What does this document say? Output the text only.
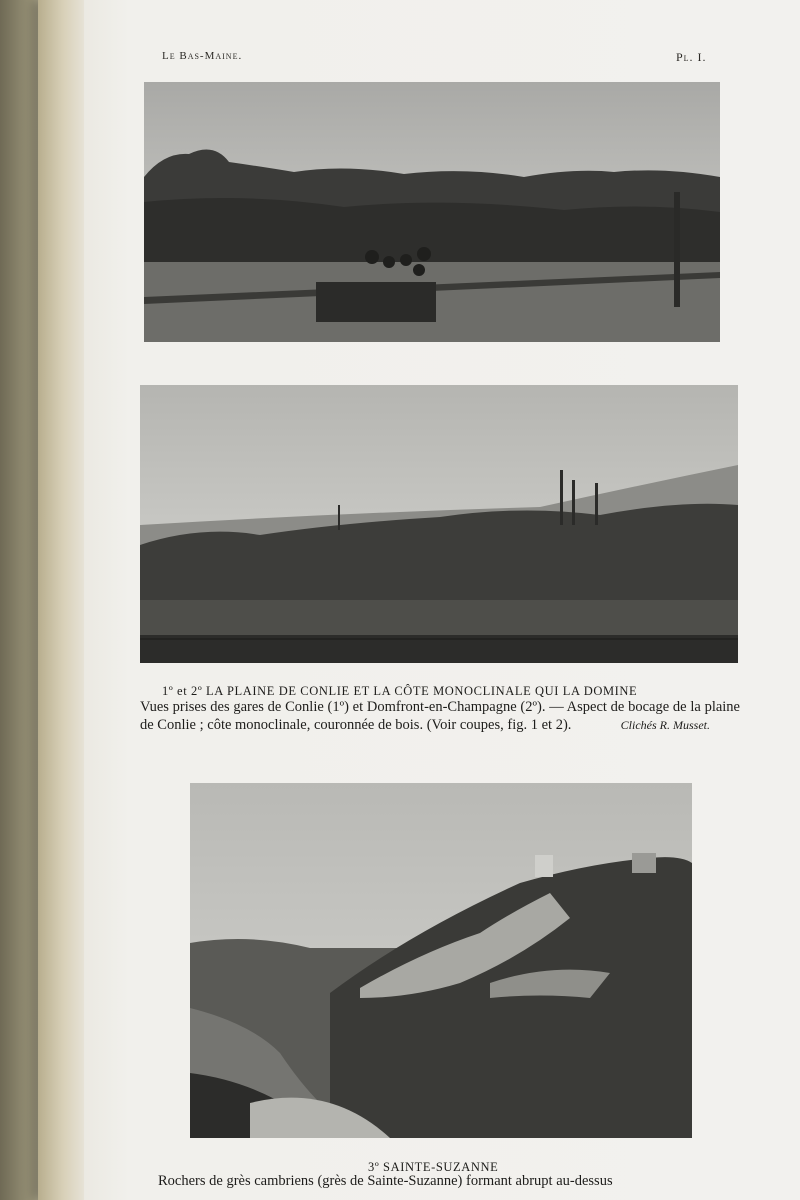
Le Bas-Maine.	Pl. I.
1º et 2º LA PLAINE DE CONLIE ET LA CÔTE MONOCLINALE QUI LA DOMINE
Vues prises des gares de Conlie (1º) et Domfront-en-Champagne (2º). — Aspect de bocage de la plaine de Conlie ; côte monoclinale, couronnée de bois. (Voir coupes, fig. 1 et 2).	Clichés R. Musset.
3º SAINTE-SUZANNE
Rochers de grès cambriens (grès de Sainte-Suzanne) formant abrupt au-dessus
